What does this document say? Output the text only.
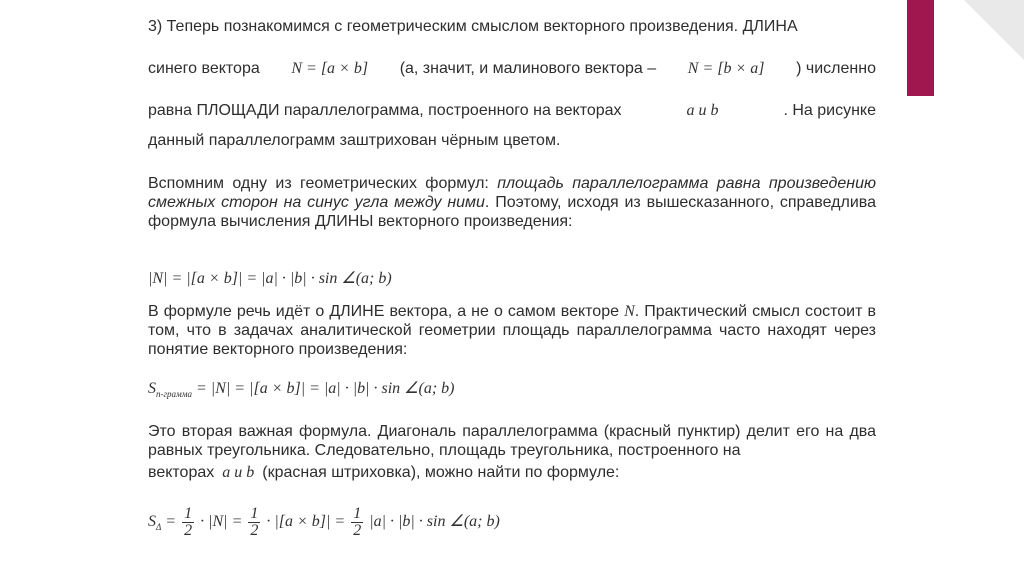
3) Теперь познакомимся с геометрическим смыслом векторного произведения. ДЛИНА
синего вектора N = [a × b] (а, значит, и малинового вектора – N = [b × a] ) численно
равна ПЛОЩАДИ параллелограмма, построенного на векторах	a и b	. На рисунке
данный параллелограмм заштрихован чёрным цветом.
Вспомним одну из геометрических формул: площадь параллелограмма равна произведению смежных сторон на синус угла между ними. Поэтому, исходя из вышесказанного, справедлива формула вычисления ДЛИНЫ векторного произведения:
|N| = |[a × b]| = |a| · |b| · sin ∠(a; b)
В формуле речь идёт о ДЛИНЕ вектора, а не о самом векторе N. Практический смысл состоит в том, что в задачах аналитической геометрии площадь параллелограмма часто находят через понятие векторного произведения:
$S_{п-грамма} = |N| = |[a \times b]| = |a| \cdot |b| \cdot \sin$ ∠(a; b)
Это вторая важная формула. Диагональ параллелограмма (красный пунктир) делит его на два равных треугольника. Следовательно, площадь треугольника, построенного на
векторах a и b (красная штриховка), можно найти по формуле:
$S_\Delta = \frac{1}{2} \cdot |N| = \frac{1}{2} \cdot |[a \times b]| = \frac{1}{2} |a| \cdot |b| \cdot \sin$ ∠(a; b)
